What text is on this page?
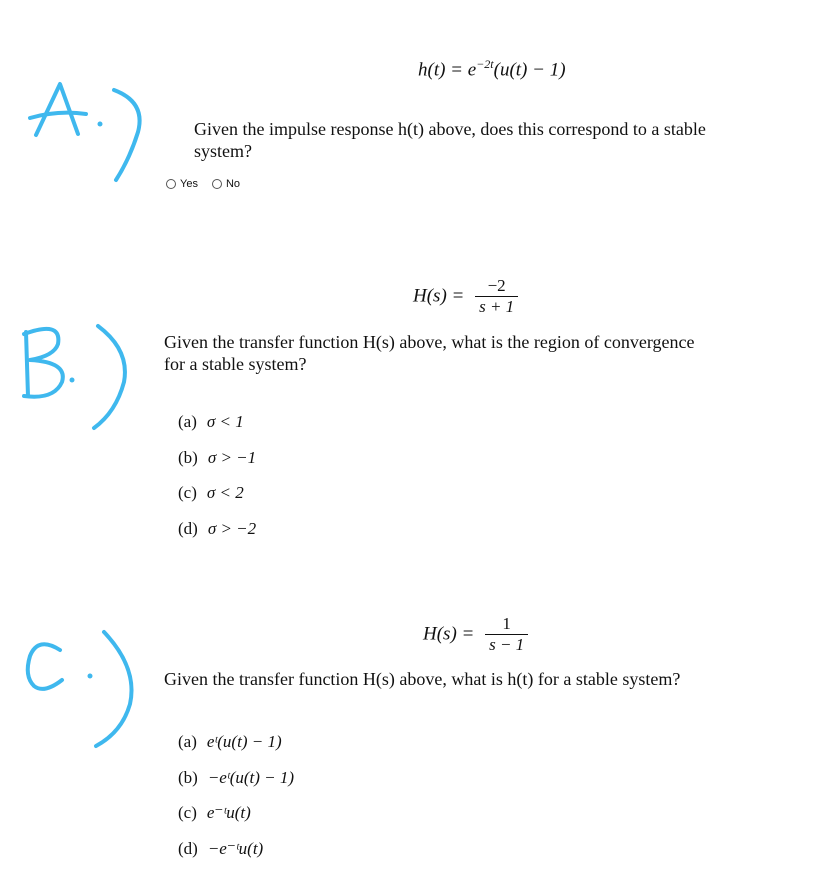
$h(t) = e^{-2t}(u(t) - 1)$
Given the impulse response h(t) above, does this correspond to a stable
system?
Yes	No
$H(s) = \frac{-2}{s + 1}$
Given the transfer function H(s) above, what is the region of convergence
for a stable system?
(a) σ < 1
(b) σ > −1
(c) σ < 2
(d) σ > −2
$H(s) = \frac{1}{s - 1}$
Given the transfer function H(s) above, what is h(t) for a stable system?
(a) eᵗ(u(t) − 1)
(b) −eᵗ(u(t) − 1)
(c) e⁻ᵗu(t)
(d) −e⁻ᵗu(t)
